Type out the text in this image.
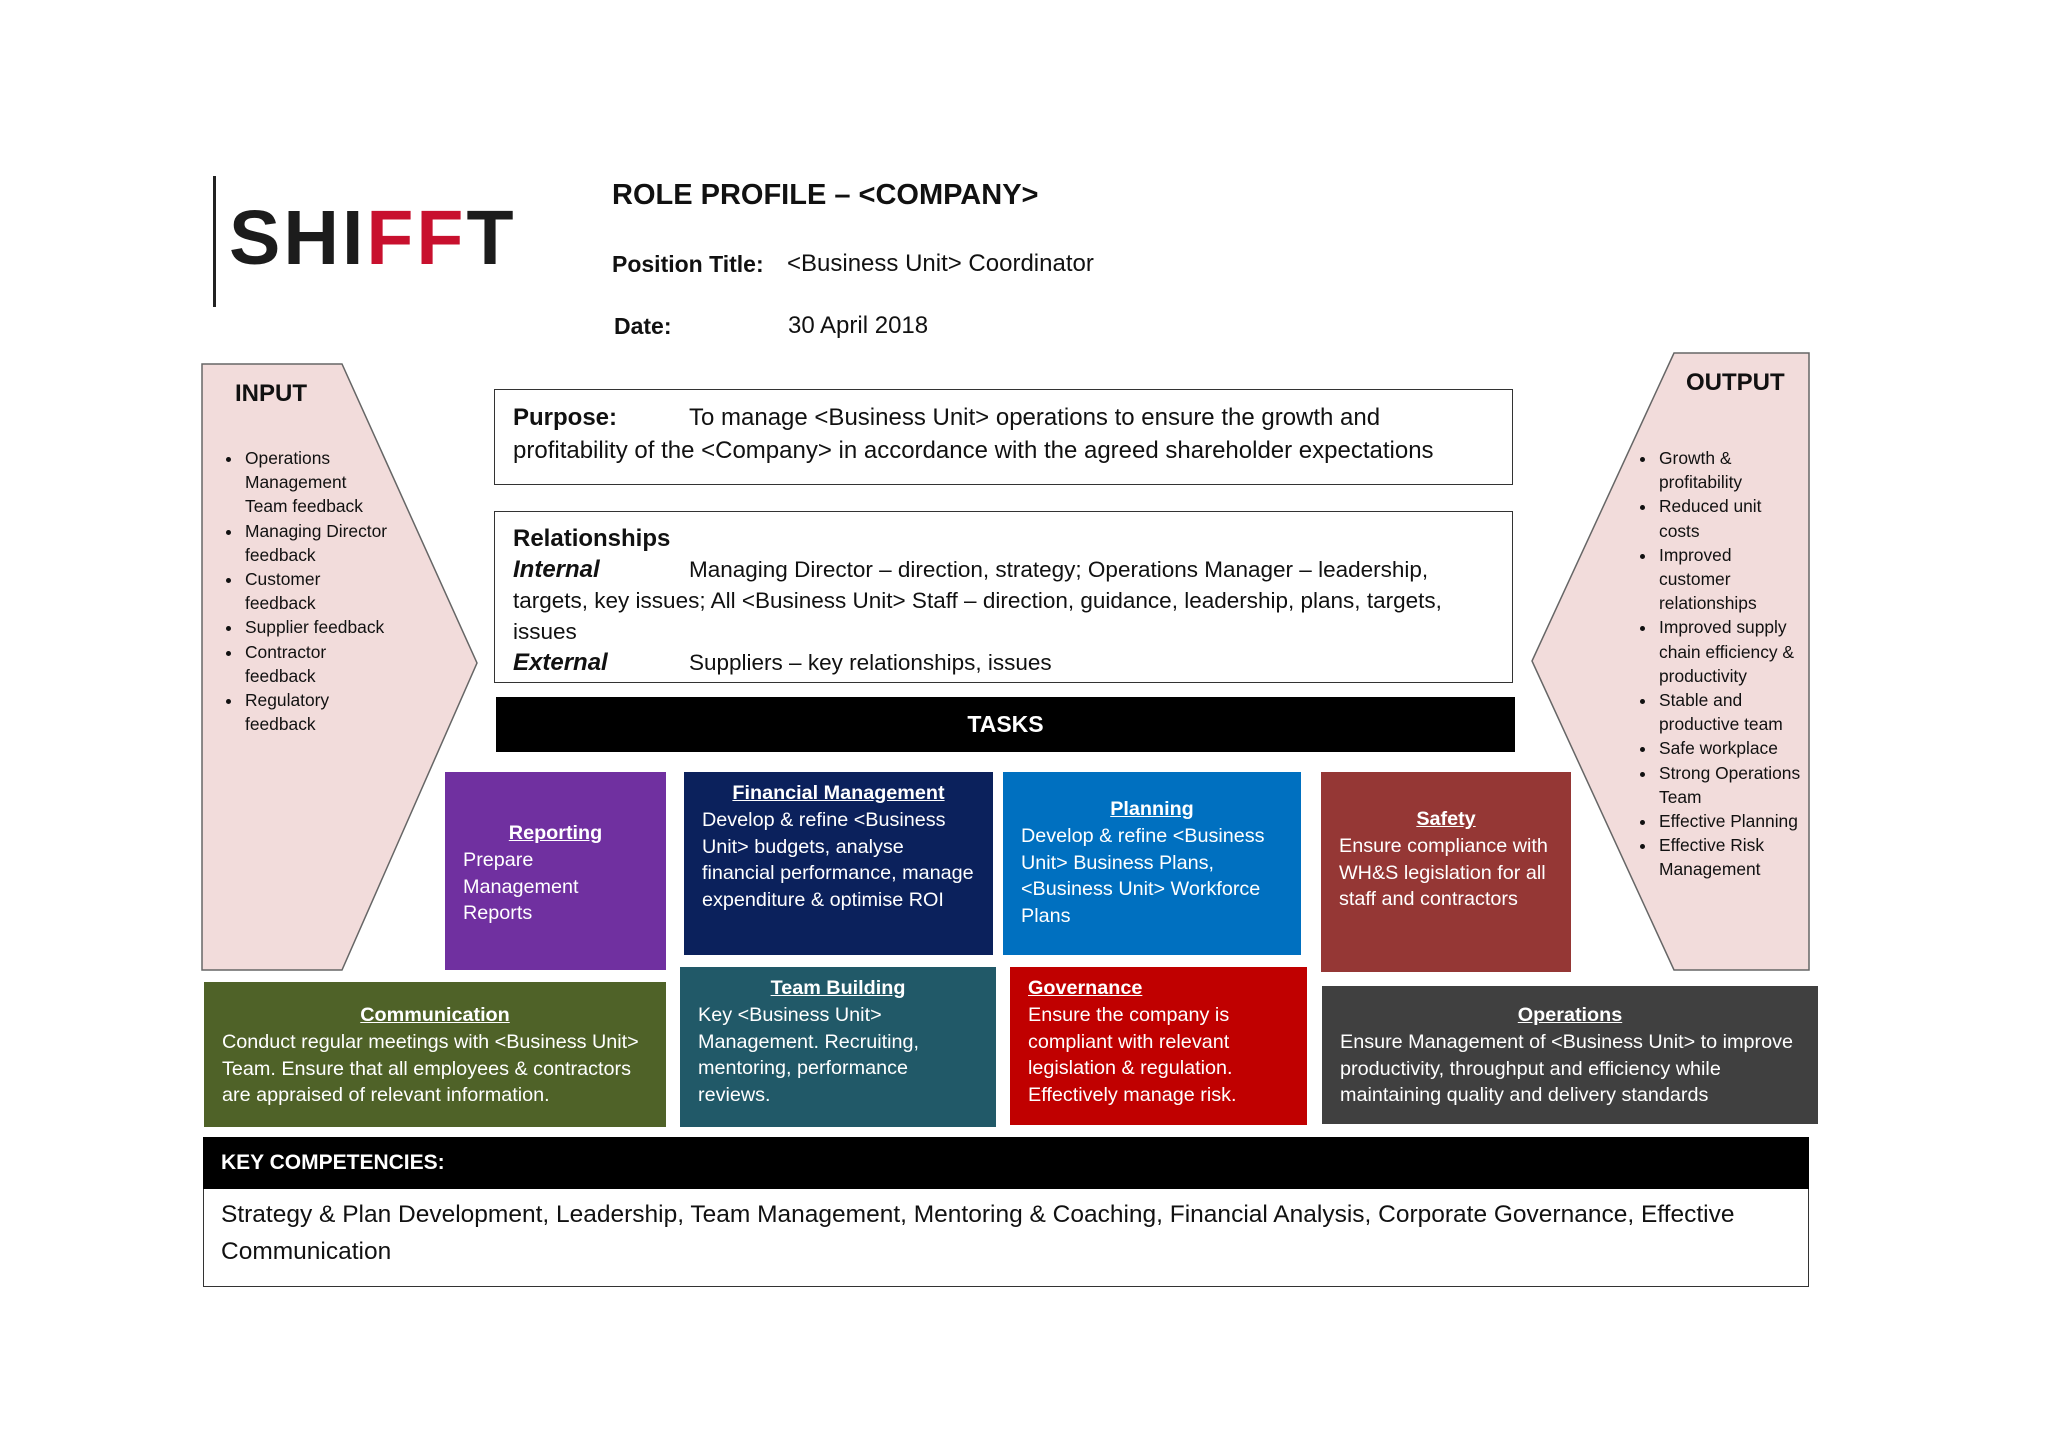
SHIFFT	ROLE PROFILE – <COMPANY>
Position Title: <Business Unit> Coordinator
Date:	30 April 2018
INPUT
• Operations Management Team feedback
• Managing Director feedback
• Customer feedback
• Supplier feedback
• Contractor feedback
• Regulatory feedback
OUTPUT
• Growth & profitability
• Reduced unit costs
• Improved customer relationships
• Improved supply chain efficiency & productivity
• Stable and productive team
• Safe workplace
• Strong Operations Team
• Effective Planning
• Effective Risk Management
Purpose:	To manage <Business Unit> operations to ensure the growth and profitability of the <Company> in accordance with the agreed shareholder expectations
Relationships
Internal	Managing Director – direction, strategy; Operations Manager – leadership, targets, key issues; All <Business Unit> Staff – direction, guidance, leadership, plans, targets, issues
External	Suppliers – key relationships, issues
TASKS
Reporting
Prepare Management Reports
Financial Management
Develop & refine <Business Unit> budgets, analyse financial performance, manage expenditure & optimise ROI
Planning
Develop & refine <Business Unit> Business Plans, <Business Unit> Workforce Plans
Safety
Ensure compliance with WH&S legislation for all staff and contractors
Communication
Conduct regular meetings with <Business Unit> Team. Ensure that all employees & contractors are appraised of relevant information.
Team Building
Key <Business Unit> Management. Recruiting, mentoring, performance reviews.
Governance
Ensure the company is compliant with relevant legislation & regulation. Effectively manage risk.
Operations
Ensure Management of <Business Unit> to improve productivity, throughput and efficiency while maintaining quality and delivery standards
KEY COMPETENCIES:
Strategy & Plan Development, Leadership, Team Management, Mentoring & Coaching, Financial Analysis, Corporate Governance, Effective Communication
